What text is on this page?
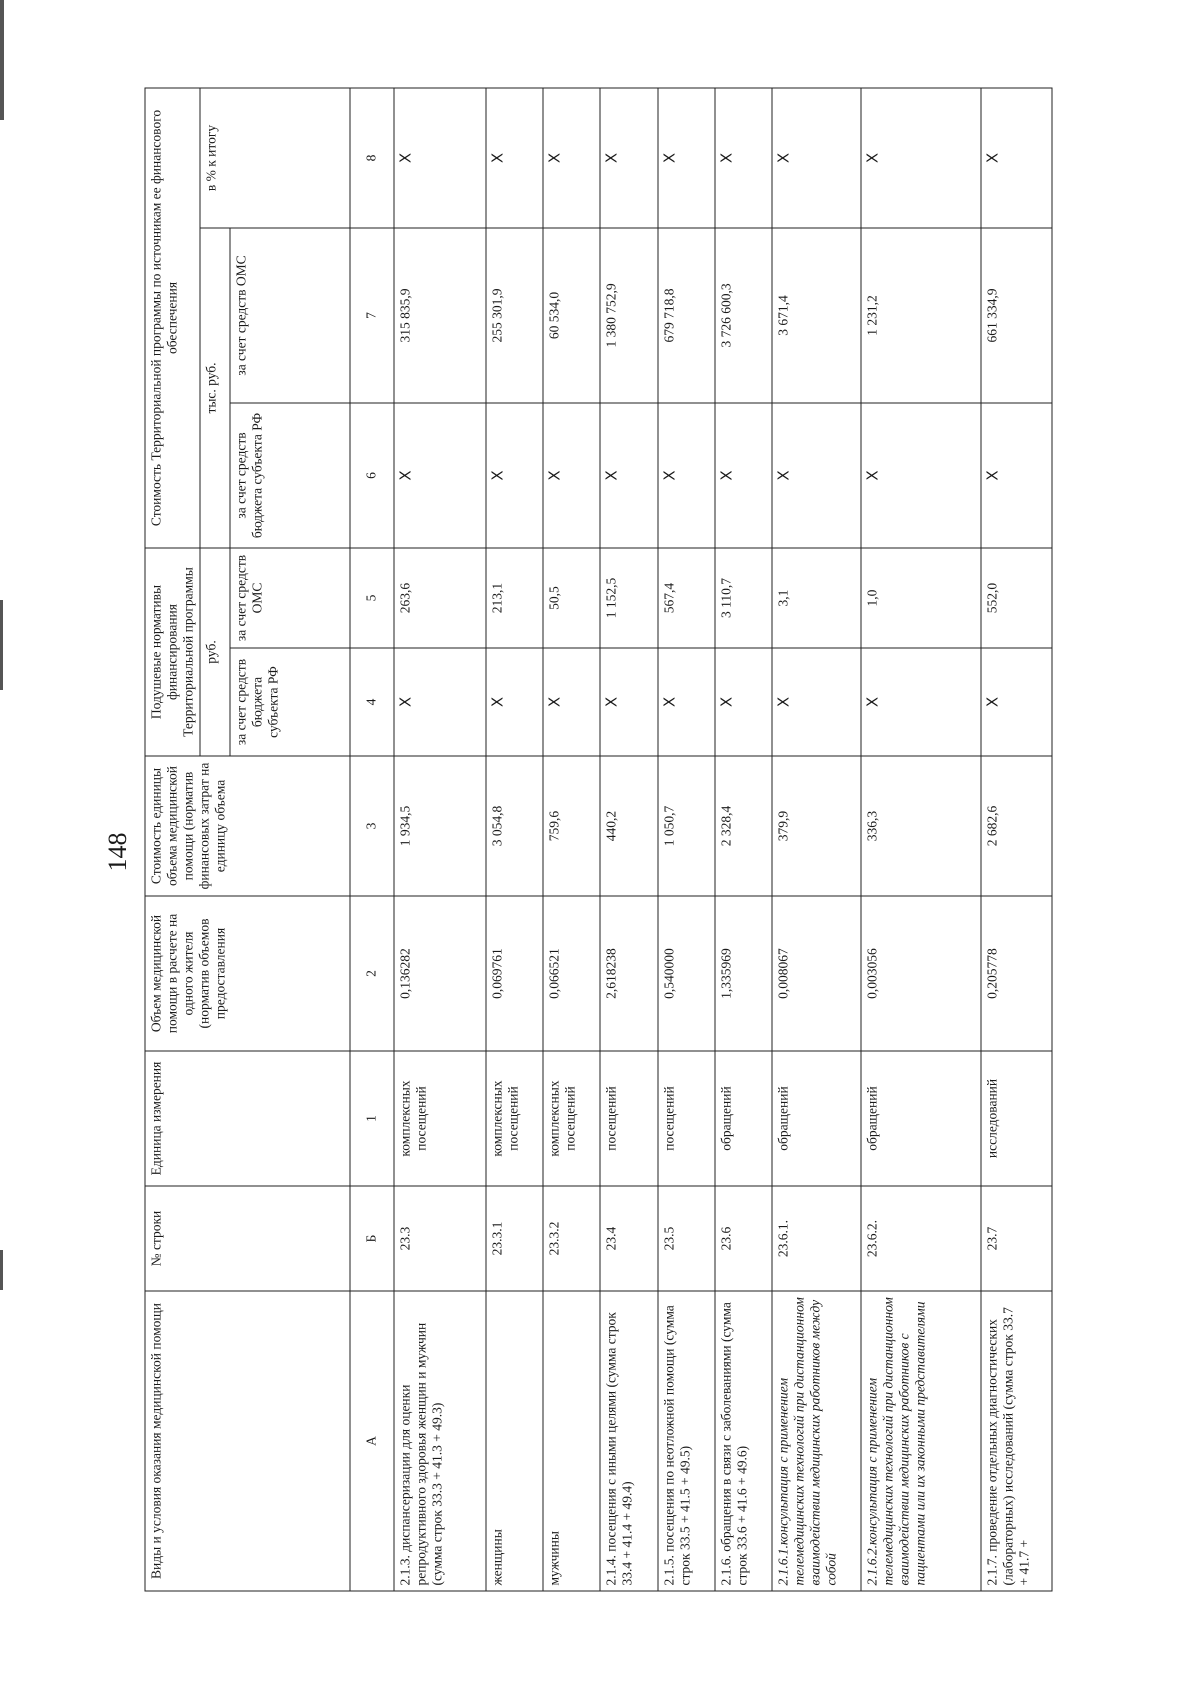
148
Виды и условия оказания медицинской помощи	№ строки	Единица измерения	Объем медицинской помощи в расчете на одного жителя (норматив объемов предоставления	Стоимость единицы объема медицинской помощи (норматив финансовых затрат на единицу объема	Подушевые нормативы финансирования Территориальной программы		Стоимость Территориальной программы по источникам ее финансового обеспечения		
					руб.		тыс. руб.		в % к итогу
					за счет средств бюджета субъекта РФ	за счет средств ОМС	за счет средств бюджета субъекта РФ	за счет средств ОМС	
А	Б	1	2	3	4	5	6	7	8
2.1.3. диспансеризации для оценки репродуктивного здоровья женщин и мужчин (сумма строк 33.3 + 41.3 + 49.3)	23.3	комплексных посещений	0,136282	1 934,5	Х	263,6	Х	315 835,9	Х
женщины	23.3.1	комплексных посещений	0,069761	3 054,8	Х	213,1	Х	255 301,9	Х
мужчины	23.3.2	комплексных посещений	0,066521	759,6	Х	50,5	Х	60 534,0	Х
2.1.4. посещения с иными целями (сумма строк 33.4 + 41.4 + 49.4)	23.4	посещений	2,618238	440,2	Х	1 152,5	Х	1 380 752,9	Х
2.1.5. посещения по неотложной помощи (сумма строк 33.5 + 41.5 + 49.5)	23.5	посещений	0,540000	1 050,7	Х	567,4	Х	679 718,8	Х
2.1.6. обращения в связи с заболеваниями (сумма строк 33.6 + 41.6 + 49.6)	23.6	обращений	1,335969	2 328,4	Х	3 110,7	Х	3 726 600,3	Х
2.1.6.1.консультация с применением телемедицинских технологий при дистанционном взаимодействии медицинских работников между собой	23.6.1.	обращений	0,008067	379,9	Х	3,1	Х	3 671,4	Х
2.1.6.2.консультация с применением телемедицинских технологий при дистанционном взаимодействии медицинских работников с пациентами или их законными представителями	23.6.2.	обращений	0,003056	336,3	Х	1,0	Х	1 231,2	Х
2.1.7. проведение отдельных диагностических (лабораторных) исследований (сумма строк 33.7 + 41.7 +	23.7	исследований	0,205778	2 682,6	Х	552,0	Х	661 334,9	Х
